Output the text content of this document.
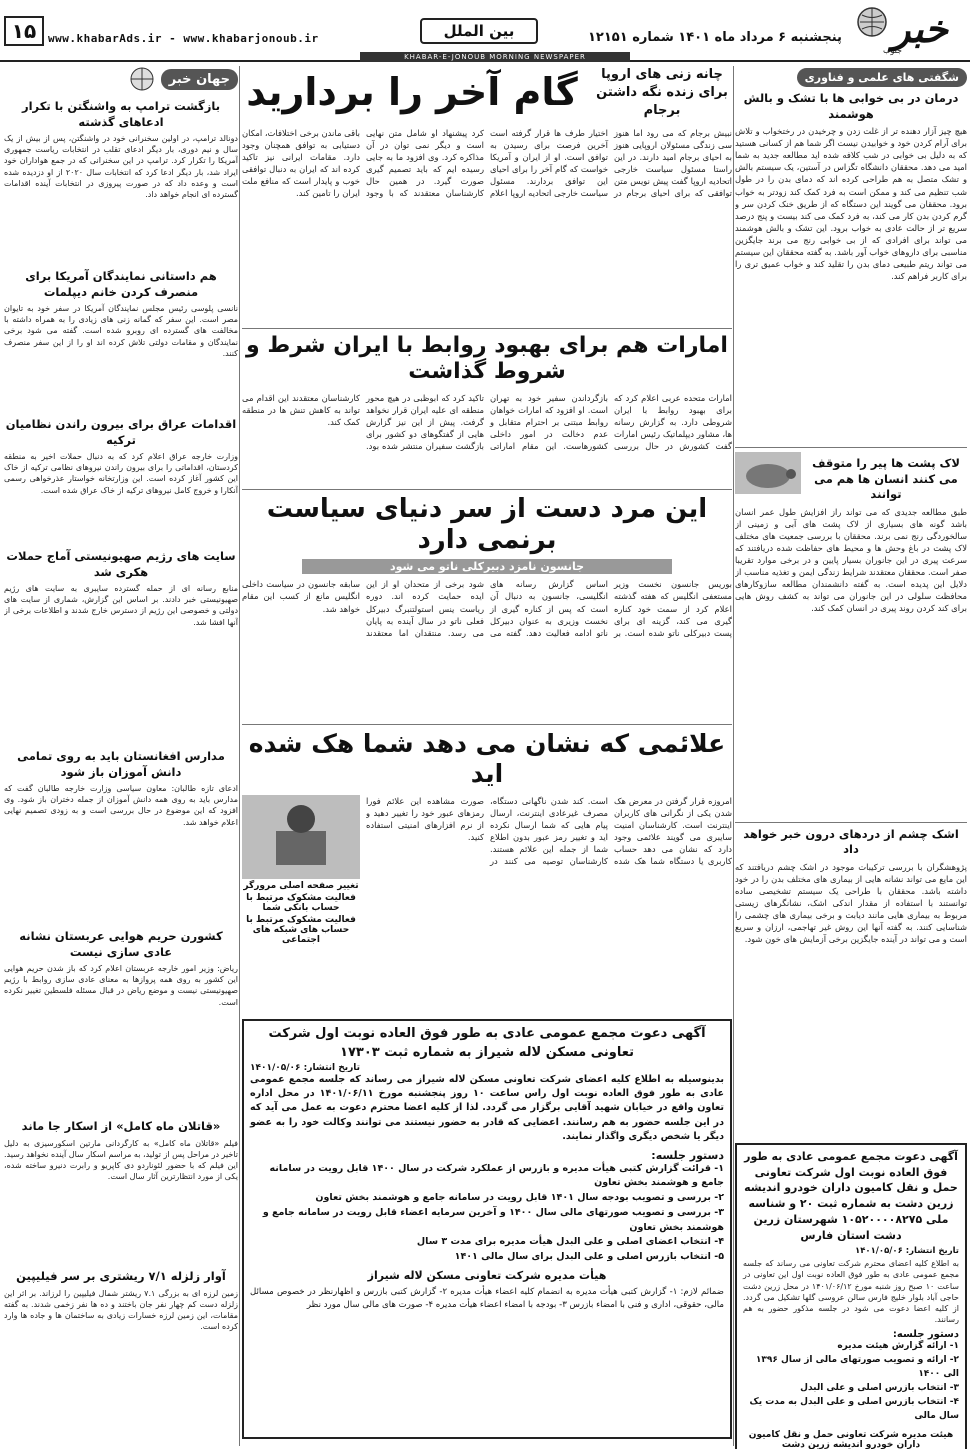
۱۵	www.khabarAds.ir - www.khabarjonoub.ir	بین الملل	پنجشنبه ۶ مرداد ماه ۱۴۰۱ شماره ۱۲۱۵۱ خبر
جنوب
KHABAR-E-JONOUB MORNING NEWSPAPER
شگفتی های علمی و فناوری
درمان در بی خوابی ها با تشک و بالش هوشمند
هیچ چیز آزار دهنده تر از غلت زدن و چرخیدن در رختخواب و تلاش برای آرام کردن خود و خوابیدن نیست اگر شما هم از کسانی هستید که به دلیل بی خوابی در شب کلافه شده اید مطالعه جدید به شما امید می دهد. محققان دانشگاه تگزاس در آستین، یک سیستم بالش و تشک متصل به هم طراحی کرده اند که دمای بدن را در طول شب تنظیم می کند و ممکن است به فرد کمک کند زودتر به خواب برود. محققان می گویند این دستگاه که از طریق خنک کردن سر و گرم کردن بدن کار می کند، به فرد کمک می کند بیست و پنج درصد سریع تر از حالت عادی به خواب برود. این تشک و بالش هوشمند می تواند برای افرادی که از بی خوابی رنج می برند جایگزین مناسبی برای داروهای خواب آور باشد. به گفته محققان این سیستم می تواند ریتم طبیعی دمای بدن را تقلید کند و خواب عمیق تری را برای کاربر فراهم کند.
لاک پشت ها پیر را متوقف می کنند انسان ها هم می توانند
طبق مطالعه جدیدی که می تواند راز افزایش طول عمر انسان باشد گونه های بسیاری از لاک پشت های آبی و زمینی از سالخوردگی رنج نمی برند. محققان با بررسی جمعیت های مختلف لاک پشت در باغ وحش ها و محیط های حفاظت شده دریافتند که سرعت پیری در این جانوران بسیار پایین و در برخی موارد تقریبا صفر است. محققان معتقدند شرایط زندگی ایمن و تغذیه مناسب از دلایل این پدیده است. به گفته دانشمندان مطالعه سازوکارهای محافظت سلولی در این جانوران می تواند به کشف روش هایی برای کند کردن روند پیری در انسان کمک کند.
اشک چشم از دردهای درون خبر خواهد داد
پژوهشگران با بررسی ترکیبات موجود در اشک چشم دریافتند که این مایع می تواند نشانه هایی از بیماری های مختلف بدن را در خود داشته باشد. محققان با طراحی یک سیستم تشخیصی ساده توانستند با استفاده از مقدار اندکی اشک، نشانگرهای زیستی مربوط به بیماری هایی مانند دیابت و برخی بیماری های چشمی را شناسایی کنند. به گفته آنها این روش غیر تهاجمی، ارزان و سریع است و می تواند در آینده جایگزین برخی آزمایش های خون شود.
آگهی دعوت مجمع عمومی عادی به طور فوق العاده نوبت اول شرکت تعاونی حمل و نقل کامیون داران خودرو اندیشه زرین دشت به شماره ثبت ۲۰ و شناسه ملی ۱۰۵۲۰۰۰۰۸۲۷۵ شهرستان زرین دشت استان فارس
تاریخ انتشار: ۱۴۰۱/۰۵/۰۶
به اطلاع کلیه اعضای محترم شرکت تعاونی می رساند که جلسه مجمع عمومی عادی به طور فوق العاده نوبت اول این تعاونی در ساعت ۱۰ صبح روز شنبه مورخ ۱۴۰۱/۰۶/۱۲ در محل زرین دشت حاجی آباد بلوار خلیج فارس سالن عروسی گلها تشکیل می گردد. از کلیه اعضا دعوت می شود در جلسه مذکور حضور به هم رسانند.
دستور جلسه:
۱- ارائه گزارش هیئت مدیره
۲- ارائه و تصویب صورتهای مالی از سال ۱۳۹۶ الی ۱۴۰۰
۳- انتخاب بازرس اصلی و علی البدل
۴- انتخاب بازرس اصلی و علی البدل به مدت یک سال مالی
هیئت مدیره شرکت تعاونی حمل و نقل کامیون داران خودرو اندیشه زرین دشت
جهان خبر
بازگشت ترامپ به واشنگتن با تکرار ادعاهای گذشته
دونالد ترامپ، در اولین سخنرانی خود در واشنگتن، پس از بیش از یک سال و نیم دوری، بار دیگر ادعای تقلب در انتخابات ریاست جمهوری آمریکا را تکرار کرد. ترامپ در این سخنرانی که در جمع هواداران خود ایراد شد، بار دیگر ادعا کرد که انتخابات سال ۲۰۲۰ از او دزدیده شده است و وعده داد که در صورت پیروزی در انتخابات آینده اقدامات گسترده ای انجام خواهد داد.
هم داستانی نمایندگان آمریکا برای منصرف کردن خانم دیپلمات
نانسی پلوسی رئیس مجلس نمایندگان آمریکا در سفر خود به تایوان مصر است. این سفر که گمانه زنی های زیادی را به همراه داشته با مخالفت های گسترده ای روبرو شده است. گفته می شود برخی نمایندگان و مقامات دولتی تلاش کرده اند او را از این سفر منصرف کنند.
اقدامات عراق برای بیرون راندن نظامیان ترکیه
وزارت خارجه عراق اعلام کرد که به دنبال حملات اخیر به منطقه کردستان، اقداماتی را برای بیرون راندن نیروهای نظامی ترکیه از خاک این کشور آغاز کرده است. این وزارتخانه خواستار عذرخواهی رسمی آنکارا و خروج کامل نیروهای ترکیه از خاک عراق شده است.
سایت های رژیم صهیونیستی آماج حملات هکری شد
منابع رسانه ای از حمله گسترده سایبری به سایت های رژیم صهیونیستی خبر دادند. بر اساس این گزارش، شماری از سایت های دولتی و خصوصی این رژیم از دسترس خارج شدند و اطلاعات برخی از آنها افشا شد.
مدارس افغانستان باید به روی تمامی دانش آموزان باز شود
ادعای تازه طالبان: معاون سیاسی وزارت خارجه طالبان گفت که مدارس باید به روی همه دانش آموزان از جمله دختران باز شود. وی افزود که این موضوع در حال بررسی است و به زودی تصمیم نهایی اعلام خواهد شد.
کشورن حریم هوایی عربستان نشانه عادی سازی نیست
ریاض: وزیر امور خارجه عربستان اعلام کرد که باز شدن حریم هوایی این کشور به روی همه پروازها به معنای عادی سازی روابط با رژیم صهیونیستی نیست و موضع ریاض در قبال مسئله فلسطین تغییر نکرده است.
«قاتلان ماه کامل» از اسکار جا ماند
فیلم «قاتلان ماه کامل» به کارگردانی مارتین اسکورسیزی به دلیل تاخیر در مراحل پس از تولید، به مراسم اسکار سال آینده نخواهد رسید. این فیلم که با حضور لئوناردو دی کاپریو و رابرت دنیرو ساخته شده، یکی از مورد انتظارترین آثار سال است.
آوار زلزله ۷/۱ ریشتری بر سر فیلیپین
زمین لرزه ای به بزرگی ۷.۱ ریشتر شمال فیلیپین را لرزاند. بر اثر این زلزله دست کم چهار نفر جان باختند و ده ها نفر زخمی شدند. به گفته مقامات، این زمین لرزه خسارات زیادی به ساختمان ها و جاده ها وارد کرده است.
چانه زنی های اروپا برای زنده نگه داشتن برجام
گام آخر را بردارید
نبیش برجام که می رود اما هنوز سی زندگی مسئولان اروپایی هنوز به احیای برجام امید دارند. در این راستا مسئول سیاست خارجی اتحادیه اروپا گفت پیش نویس متن توافقی که برای احیای برجام در اختیار طرف ها قرار گرفته است آخرین فرصت برای رسیدن به توافق است. او از ایران و آمریکا خواست که گام آخر را برای احیای این توافق بردارند. مسئول سیاست خارجی اتحادیه اروپا اعلام کرد پیشنهاد او شامل متن نهایی است و دیگر نمی توان در آن مذاکره کرد. وی افزود ما به جایی رسیده ایم که باید تصمیم گیری صورت گیرد. در همین حال کارشناسان معتقدند که با وجود باقی ماندن برخی اختلافات، امکان دستیابی به توافق همچنان وجود دارد. مقامات ایرانی نیز تاکید کرده اند که ایران به دنبال توافقی خوب و پایدار است که منافع ملت ایران را تامین کند.
امارات هم برای بهبود روابط با ایران شرط و شروط گذاشت
امارات متحده عربی اعلام کرد که برای بهبود روابط با ایران شروطی دارد. به گزارش رسانه ها، مشاور دیپلماتیک رئیس امارات گفت کشورش در حال بررسی بازگرداندن سفیر خود به تهران است. او افزود که امارات خواهان روابط مبتنی بر احترام متقابل و عدم دخالت در امور داخلی کشورهاست. این مقام اماراتی تاکید کرد که ابوظبی در هیچ محور منطقه ای علیه ایران قرار نخواهد گرفت. پیش از این نیز گزارش هایی از گفتگوهای دو کشور برای بازگشت سفیران منتشر شده بود. کارشناسان معتقدند این اقدام می تواند به کاهش تنش ها در منطقه کمک کند.
این مرد دست از سر دنیای سیاست برنمی دارد
جانسون نامزد دبیرکلی ناتو می شود
بوریس جانسون نخست وزیر مستعفی انگلیس که هفته گذشته اعلام کرد از سمت خود کناره گیری می کند، گزینه ای برای پست دبیرکلی ناتو شده است. بر اساس گزارش رسانه های انگلیسی، جانسون به دنبال آن است که پس از کناره گیری از نخست وزیری به عنوان دبیرکل ناتو ادامه فعالیت دهد. گفته می شود برخی از متحدان او از این ایده حمایت کرده اند. دوره ریاست ینس استولتنبرگ دبیرکل فعلی ناتو در سال آینده به پایان می رسد. منتقدان اما معتقدند سابقه جانسون در سیاست داخلی انگلیس مانع از کسب این مقام خواهد شد.
علائمی که نشان می دهد شما هک شده اید
امروزه قرار گرفتن در معرض هک شدن یکی از نگرانی های کاربران اینترنت است. کارشناسان امنیت سایبری می گویند علائمی وجود دارد که نشان می دهد حساب کاربری یا دستگاه شما هک شده است. کند شدن ناگهانی دستگاه، مصرف غیرعادی اینترنت، ارسال پیام هایی که شما ارسال نکرده اید و تغییر رمز عبور بدون اطلاع شما از جمله این علائم هستند. کارشناسان توصیه می کنند در صورت مشاهده این علائم فورا رمزهای عبور خود را تغییر دهید و از نرم افزارهای امنیتی استفاده کنید.
تغییر صفحه اصلی مرورگر
فعالیت مشکوک مرتبط با حساب بانکی شما
فعالیت مشکوک مرتبط با حساب های شبکه های اجتماعی
آگهی دعوت مجمع عمومی عادی به طور فوق العاده نوبت اول شرکت تعاونی مسکن لاله شیراز به شماره ثبت ۱۷۳۰۳
تاریخ انتشار: ۱۴۰۱/۰۵/۰۶
بدینوسیله به اطلاع کلیه اعضای شرکت تعاونی مسکن لاله شیراز می رساند که جلسه مجمع عمومی عادی به طور فوق العاده نوبت اول راس ساعت ۱۰ روز پنجشنبه مورخ ۱۴۰۱/۰۶/۱۱ در محل اداره تعاون واقع در خیابان شهید آقایی برگزار می گردد. لذا از کلیه اعضا محترم دعوت به عمل می آید که در این جلسه حضور به هم رسانند. اعضایی که قادر به حضور نیستند می توانند وکالت خود را به عضو دیگر یا شخص دیگری واگذار نمایند.
دستور جلسه:
۱- قرائت گزارش کتبی هیأت مدیره و بازرس از عملکرد شرکت در سال ۱۴۰۰ قابل رویت در سامانه جامع و هوشمند بخش تعاون
۲- بررسی و تصویب بودجه سال ۱۴۰۱ قابل رویت در سامانه جامع و هوشمند بخش تعاون
۳- بررسی و تصویب صورتهای مالی سال ۱۴۰۰ و آخرین سرمایه اعضاء قابل رویت در سامانه جامع و هوشمند بخش تعاون
۴- انتخاب اعضای اصلی و علی البدل هیأت مدیره برای مدت ۳ سال
۵- انتخاب بازرس اصلی و علی البدل برای سال مالی ۱۴۰۱
هیأت مدیره شرکت تعاونی مسکن لاله شیراز
ضمائم لازم: ۱- گزارش کتبی هیأت مدیره به انضمام کلیه اعضاء هیأت مدیره ۲- گزارش کتبی بازرس و اظهارنظر در خصوص مسائل مالی، حقوقی، اداری و فنی با امضاء بازرس ۳- بودجه با امضاء اعضاء هیأت مدیره ۴- صورت های مالی سال مورد نظر
